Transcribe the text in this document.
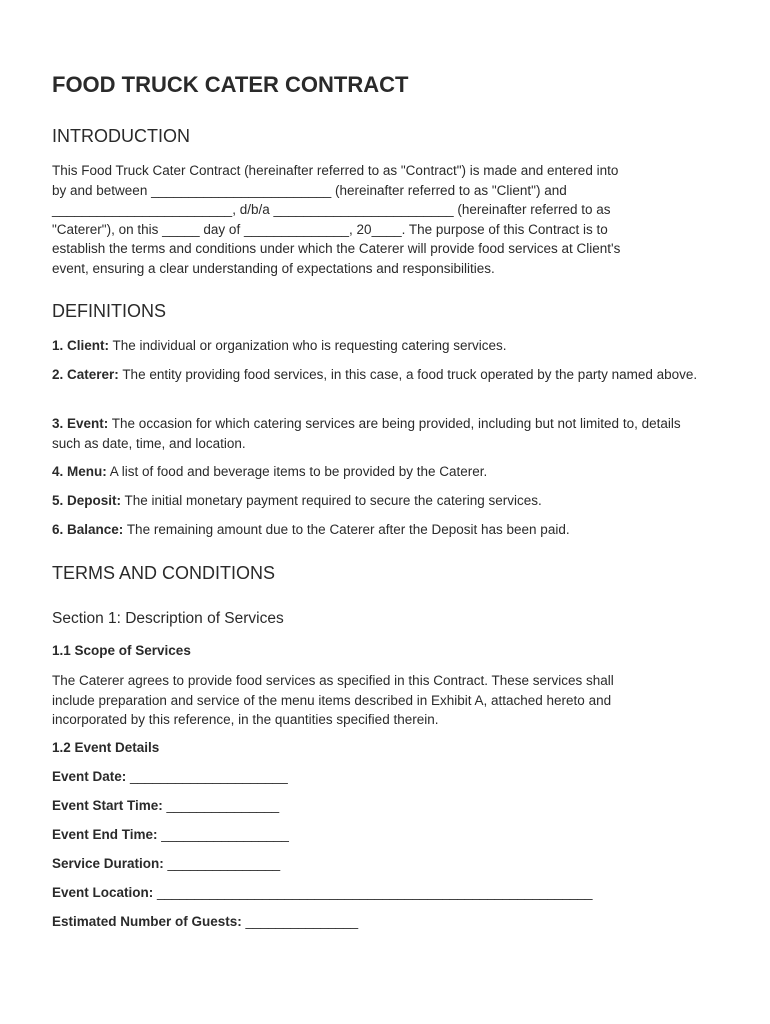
FOOD TRUCK CATER CONTRACT
INTRODUCTION
This Food Truck Cater Contract (hereinafter referred to as "Contract") is made and entered into
by and between ________________________ (hereinafter referred to as "Client") and
________________________, d/b/a ________________________ (hereinafter referred to as
"Caterer"), on this _____ day of ______________, 20____. The purpose of this Contract is to
establish the terms and conditions under which the Caterer will provide food services at Client's
event, ensuring a clear understanding of expectations and responsibilities.
DEFINITIONS
1. Client: The individual or organization who is requesting catering services.
2. Caterer: The entity providing food services, in this case, a food truck operated by the party named above.
3. Event: The occasion for which catering services are being provided, including but not limited to, details such as date, time, and location.
4. Menu: A list of food and beverage items to be provided by the Caterer.
5. Deposit: The initial monetary payment required to secure the catering services.
6. Balance: The remaining amount due to the Caterer after the Deposit has been paid.
TERMS AND CONDITIONS
Section 1: Description of Services
1.1 Scope of Services
The Caterer agrees to provide food services as specified in this Contract. These services shall
include preparation and service of the menu items described in Exhibit A, attached hereto and
incorporated by this reference, in the quantities specified therein.
1.2 Event Details
Event Date: _____________________
Event Start Time: _______________
Event End Time: _________________
Service Duration: _______________
Event Location: __________________________________________________________
Estimated Number of Guests: _______________
